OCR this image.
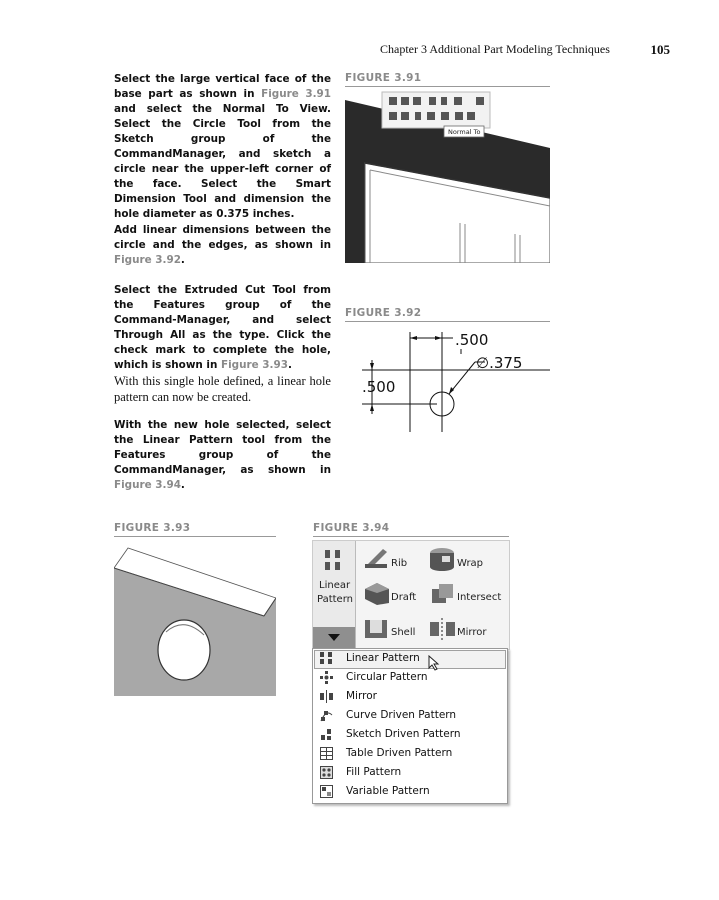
Chapter 3 Additional Part Modeling Techniques	105

Select the large vertical face of the base part as shown in Figure 3.91 and select the Normal To View. Select the Circle Tool from the Sketch group of the CommandManager, and sketch a circle near the upper-left corner of the face. Select the Smart Dimension Tool and dimension the hole diameter as 0.375 inches.

Add linear dimensions between the circle and the edges, as shown in Figure 3.92.

Select the Extruded Cut Tool from the Features group of the Command-Manager, and select Through All as the type. Click the check mark to complete the hole, which is shown in Figure 3.93.

With this single hole defined, a linear hole pattern can now be created.

With the new hole selected, select the Linear Pattern tool from the Features group of the CommandManager, as shown in Figure 3.94.

FIGURE 3.91
Normal To
FIGURE 3.92
.500
∅.375
.500
FIGURE 3.93	FIGURE 3.94
Linear
Pattern
Rib
Draft
Shell
Wrap
Intersect
Mirror
Linear Pattern
Circular Pattern
Mirror
Curve Driven Pattern
Sketch Driven Pattern
Table Driven Pattern
Fill Pattern
Variable Pattern
